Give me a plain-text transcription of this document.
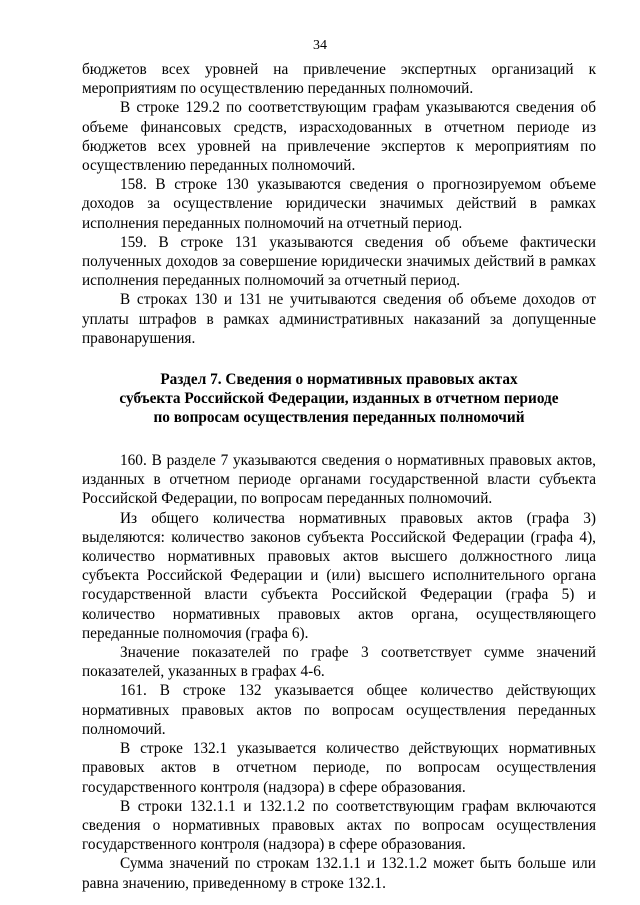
34

бюджетов всех уровней на привлечение экспертных организаций к мероприятиям по осуществлению переданных полномочий.

В строке 129.2 по соответствующим графам указываются сведения об объеме финансовых средств, израсходованных в отчетном периоде из бюджетов всех уровней на привлечение экспертов к мероприятиям по осуществлению переданных полномочий.

158. В строке 130 указываются сведения о прогнозируемом объеме доходов за осуществление юридически значимых действий в рамках исполнения переданных полномочий на отчетный период.

159. В строке 131 указываются сведения об объеме фактически полученных доходов за совершение юридически значимых действий в рамках исполнения переданных полномочий за отчетный период.

В строках 130 и 131 не учитываются сведения об объеме доходов от уплаты штрафов в рамках административных наказаний за допущенные правонарушения.

Раздел 7. Сведения о нормативных правовых актах
субъекта Российской Федерации, изданных в отчетном периоде
по вопросам осуществления переданных полномочий

160. В разделе 7 указываются сведения о нормативных правовых актов, изданных в отчетном периоде органами государственной власти субъекта Российской Федерации, по вопросам переданных полномочий.

Из общего количества нормативных правовых актов (графа 3) выделяются: количество законов субъекта Российской Федерации (графа 4), количество нормативных правовых актов высшего должностного лица субъекта Российской Федерации и (или) высшего исполнительного органа государственной власти субъекта Российской Федерации (графа 5) и количество нормативных правовых актов органа, осуществляющего переданные полномочия (графа 6).

Значение показателей по графе 3 соответствует сумме значений показателей, указанных в графах 4-6.

161. В строке 132 указывается общее количество действующих нормативных правовых актов по вопросам осуществления переданных полномочий.

В строке 132.1 указывается количество действующих нормативных правовых актов в отчетном периоде, по вопросам осуществления государственного контроля (надзора) в сфере образования.

В строки 132.1.1 и 132.1.2 по соответствующим графам включаются сведения о нормативных правовых актах по вопросам осуществления государственного контроля (надзора) в сфере образования.

Сумма значений по строкам 132.1.1 и 132.1.2 может быть больше или равна значению, приведенному в строке 132.1.
